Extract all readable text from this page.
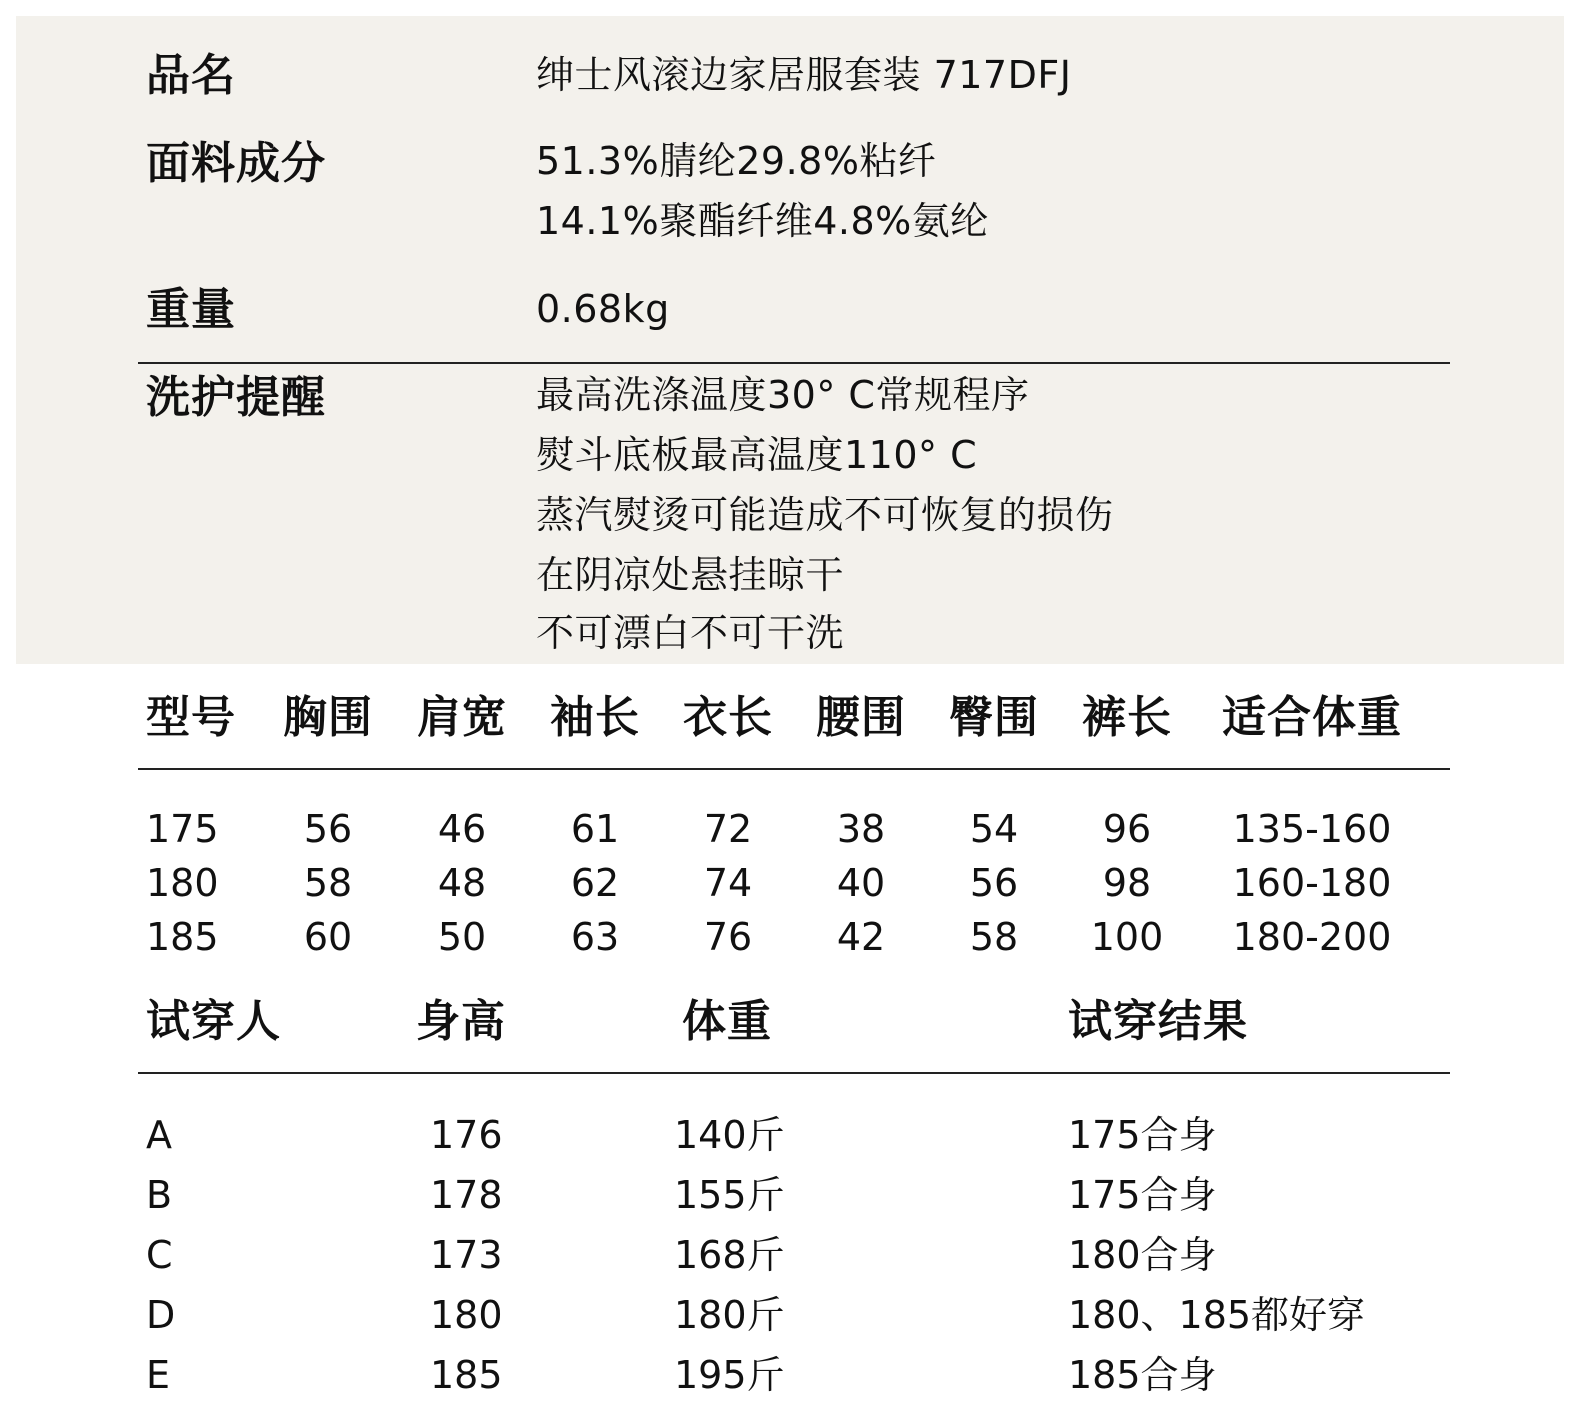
品名	绅士风滚边家居服套装 717DFJ
面料成分	51.3%腈纶29.8%粘纤
14.1%聚酯纤维4.8%氨纶
重量	0.68kg
洗护提醒	最高洗涤温度30° C常规程序
熨斗底板最高温度110° C
蒸汽熨烫可能造成不可恢复的损伤
在阴凉处悬挂晾干
不可漂白不可干洗
型号 胸围 肩宽 袖长 衣长 腰围 臀围 裤长 适合体重
175 56 46 61 72 38 54 96 135-160
180 58 48 62 74 40 56 98 160-180
185 60 50 63 76 42 58 100 180-200
试穿人	身高	体重	试穿结果
A	176	140斤	175合身
B	178	155斤	175合身
C	173	168斤	180合身
D	180	180斤	180、185都好穿
E	185	195斤	185合身
